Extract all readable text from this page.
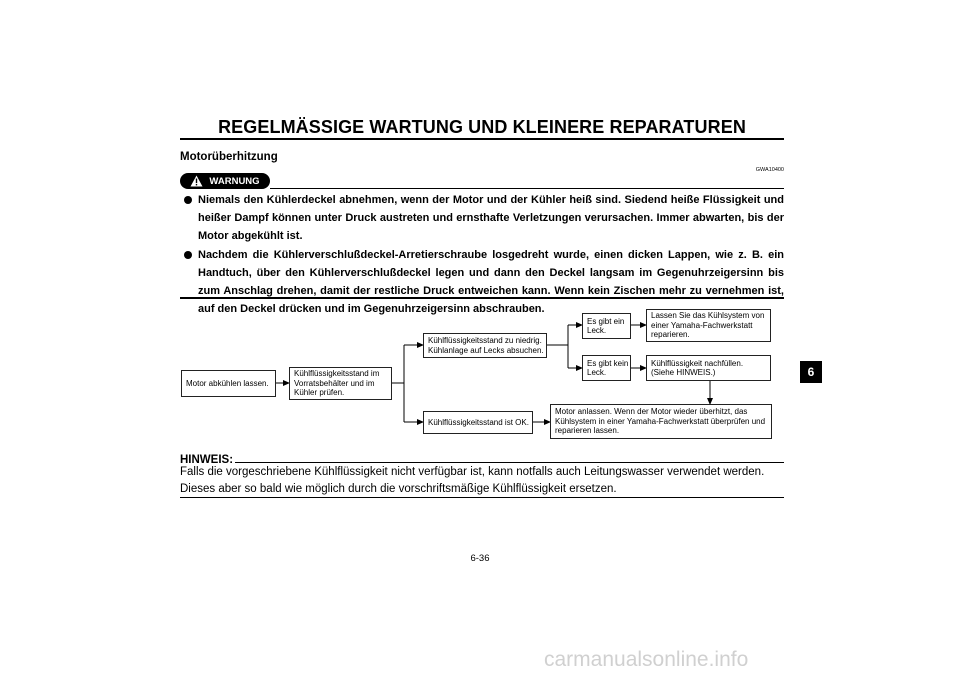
REGELMÄSSIGE WARTUNG UND KLEINERE REPARATUREN
Motorüberhitzung
GWA10400
WARNUNG
Niemals den Kühlerdeckel abnehmen, wenn der Motor und der Kühler heiß sind. Siedend heiße Flüssigkeit und heißer Dampf können unter Druck austreten und ernsthafte Verletzungen verursachen. Immer abwarten, bis der Motor abgekühlt ist.
Nachdem die Kühlerverschlußdeckel-Arretierschraube losgedreht wurde, einen dicken Lappen, wie z. B. ein Handtuch, über den Kühlerverschlußdeckel legen und dann den Deckel langsam im Gegenuhrzeigersinn bis zum Anschlag drehen, damit der restliche Druck entweichen kann. Wenn kein Zischen mehr zu vernehmen ist, auf den Deckel drücken und im Gegenuhrzeigersinn abschrauben.
Motor abkühlen lassen.
Kühlflüssigkeitsstand im
Vorratsbehälter und im
Kühler prüfen.
Kühlflüssigkeitsstand zu niedrig.
Kühlanlage auf Lecks absuchen.
Kühlflüssigkeitsstand ist OK.
Es gibt ein
Leck.
Es gibt kein
Leck.
Lassen Sie das Kühlsystem von
einer Yamaha-Fachwerkstatt
reparieren.
Kühlflüssigkeit nachfüllen.
(Siehe HINWEIS.)
Motor anlassen. Wenn der Motor wieder überhitzt, das
Kühlsystem in einer Yamaha-Fachwerkstatt überprüfen und
reparieren lassen.
HINWEIS:
Falls die vorgeschriebene Kühlflüssigkeit nicht verfügbar ist, kann notfalls auch Leitungswasser verwendet werden. Dieses aber so bald wie möglich durch die vorschriftsmäßige Kühlflüssigkeit ersetzen.
6-36
6
carmanualsonline.info
